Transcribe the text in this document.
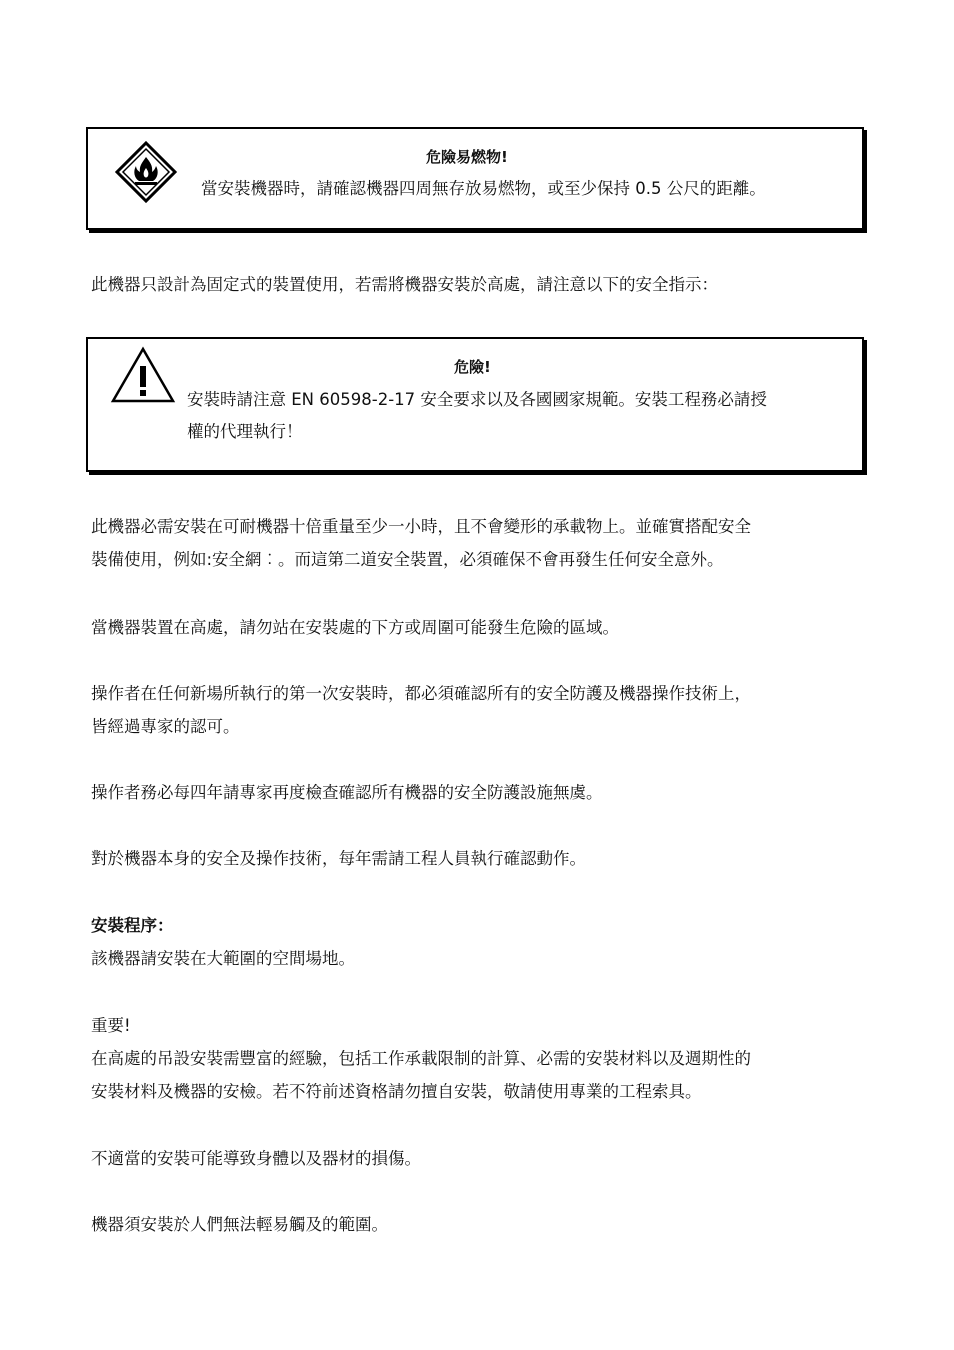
危險易燃物!
當安裝機器時，請確認機器四周無存放易燃物，或至少保持 0.5 公尺的距離。
此機器只設計為固定式的裝置使用，若需將機器安裝於高處，請注意以下的安全指示：
危險!
安裝時請注意 EN 60598-2-17 安全要求以及各國國家規範。安裝工程務必請授
權的代理執行！
此機器必需安裝在可耐機器十倍重量至少一小時，且不會變形的承載物上。並確實搭配安全
裝備使用，例如:安全網︰。而這第二道安全裝置，必須確保不會再發生任何安全意外。
當機器裝置在高處，請勿站在安裝處的下方或周圍可能發生危險的區域。
操作者在任何新場所執行的第一次安裝時，都必須確認所有的安全防護及機器操作技術上，
皆經過專家的認可。
操作者務必每四年請專家再度檢查確認所有機器的安全防護設施無虞。
對於機器本身的安全及操作技術，每年需請工程人員執行確認動作。
安裝程序：
該機器請安裝在大範圍的空間場地。
重要!
在高處的吊設安裝需豐富的經驗，包括工作承載限制的計算、必需的安裝材料以及週期性的
安裝材料及機器的安檢。若不符前述資格請勿擅自安裝，敬請使用專業的工程索具。
不適當的安裝可能導致身體以及器材的損傷。
機器須安裝於人們無法輕易觸及的範圍。
